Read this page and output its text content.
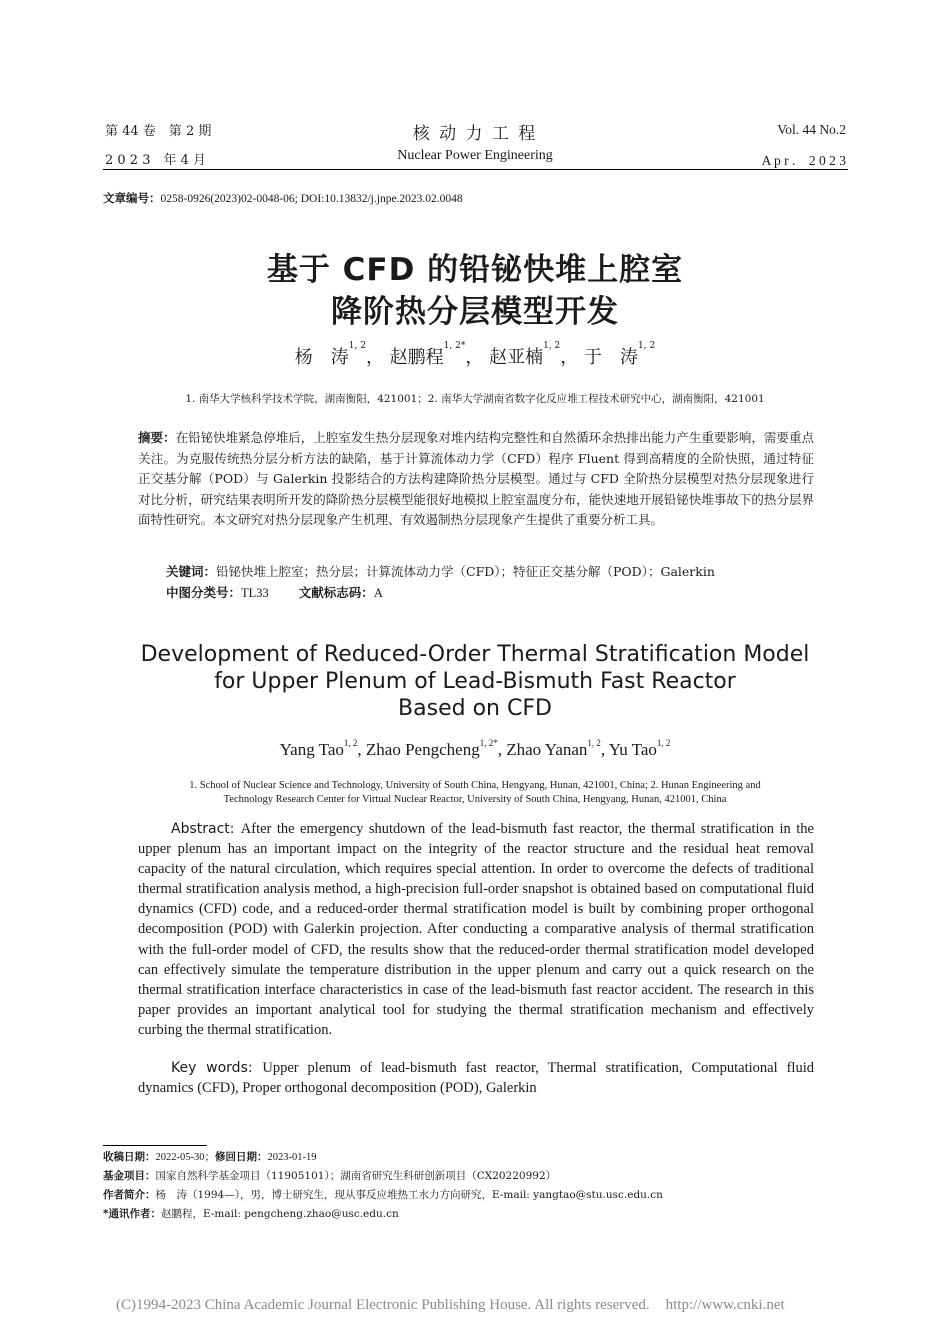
第 44 卷　第 2 期
2 0 2 3　年 4 月
核 动 力 工 程
Nuclear Power Engineering
Vol. 44 No.2
A p r .　2 0 2 3
文章编号：0258-0926(2023)02-0048-06; DOI:10.13832/j.jnpe.2023.02.0048
基于 CFD 的铅铋快堆上腔室
降阶热分层模型开发
杨　涛$^{1, 2}$， 赵鹏程$^{1, 2*}$， 赵亚楠$^{1, 2}$， 于　涛$^{1, 2}$
1. 南华大学核科学技术学院，湖南衡阳，421001；2. 南华大学湖南省数字化反应堆工程技术研究中心，湖南衡阳，421001
摘要：在铅铋快堆紧急停堆后，上腔室发生热分层现象对堆内结构完整性和自然循环余热排出能力产生重要影响，需要重点关注。为克服传统热分层分析方法的缺陷，基于计算流体动力学（CFD）程序 Fluent 得到高精度的全阶快照，通过特征正交基分解（POD）与 Galerkin 投影结合的方法构建降阶热分层模型。通过与 CFD 全阶热分层模型对热分层现象进行对比分析，研究结果表明所开发的降阶热分层模型能很好地模拟上腔室温度分布，能快速地开展铅铋快堆事故下的热分层界面特性研究。本文研究对热分层现象产生机理、有效遏制热分层现象产生提供了重要分析工具。
关键词：铅铋快堆上腔室；热分层；计算流体动力学（CFD）；特征正交基分解（POD）；Galerkin
中图分类号：TL33 文献标志码：A
Development of Reduced-Order Thermal Stratification Model
for Upper Plenum of Lead-Bismuth Fast Reactor
Based on CFD
Yang Tao$^{1, 2}$, Zhao Pengcheng$^{1, 2*}$, Zhao Yanan$^{1, 2}$, Yu Tao$^{1, 2}$
1. School of Nuclear Science and Technology, University of South China, Hengyang, Hunan, 421001, China; 2. Hunan Engineering and
Technology Research Center for Virtual Nuclear Reactor, University of South China, Hengyang, Hunan, 421001, China
Abstract: After the emergency shutdown of the lead-bismuth fast reactor, the thermal stratification in the upper plenum has an important impact on the integrity of the reactor structure and the residual heat removal capacity of the natural circulation, which requires special attention. In order to overcome the defects of traditional thermal stratification analysis method, a high-precision full-order snapshot is obtained based on computational fluid dynamics (CFD) code, and a reduced-order thermal stratification model is built by combining proper orthogonal decomposition (POD) with Galerkin projection. After conducting a comparative analysis of thermal stratification with the full-order model of CFD, the results show that the reduced-order thermal stratification model developed can effectively simulate the temperature distribution in the upper plenum and carry out a quick research on the thermal stratification interface characteristics in case of the lead-bismuth fast reactor accident. The research in this paper provides an important analytical tool for studying the thermal stratification mechanism and effectively curbing the thermal stratification.
Key words: Upper plenum of lead-bismuth fast reactor, Thermal stratification, Computational fluid dynamics (CFD), Proper orthogonal decomposition (POD), Galerkin
收稿日期：2022-05-30；修回日期：2023-01-19
基金项目：国家自然科学基金项目（11905101）；湖南省研究生科研创新项目（CX20220992）
作者简介：杨　涛（1994—），男，博士研究生，现从事反应堆热工水力方向研究，E-mail: yangtao@stu.usc.edu.cn
*通讯作者：赵鹏程，E-mail: pengcheng.zhao@usc.edu.cn
(C)1994-2023 China Academic Journal Electronic Publishing House. All rights reserved. http://www.cnki.net
